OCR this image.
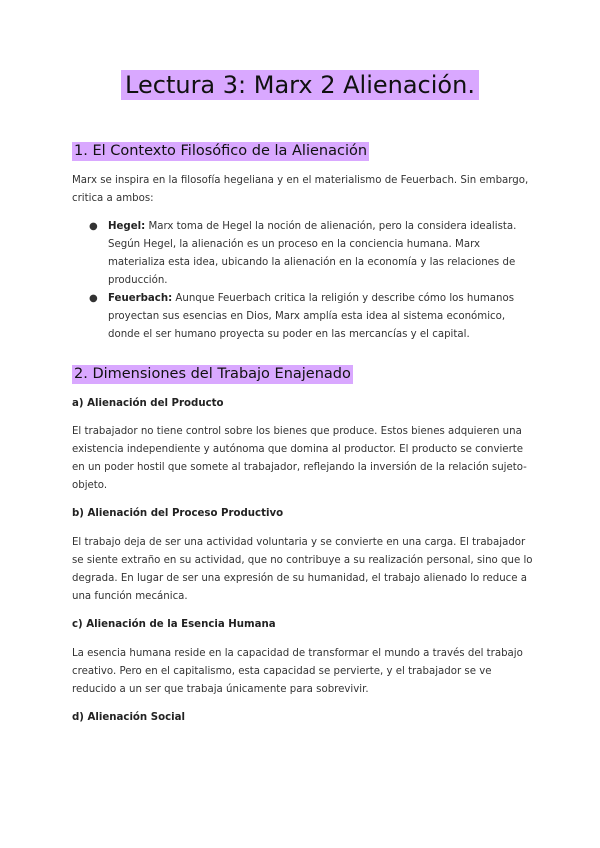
Lectura 3: Marx 2 Alienación.
1. El Contexto Filosófico de la Alienación

Marx se inspira en la filosofía hegeliana y en el materialismo de Feuerbach. Sin embargo, critica a ambos:

● Hegel: Marx toma de Hegel la noción de alienación, pero la considera idealista. Según Hegel, la alienación es un proceso en la conciencia humana. Marx materializa esta idea, ubicando la alienación en la economía y las relaciones de producción.
● Feuerbach: Aunque Feuerbach critica la religión y describe cómo los humanos proyectan sus esencias en Dios, Marx amplía esta idea al sistema económico, donde el ser humano proyecta su poder en las mercancías y el capital.
2. Dimensiones del Trabajo Enajenado
a) Alienación del Producto

El trabajador no tiene control sobre los bienes que produce. Estos bienes adquieren una existencia independiente y autónoma que domina al productor. El producto se convierte en un poder hostil que somete al trabajador, reflejando la inversión de la relación sujeto-objeto.

b) Alienación del Proceso Productivo

El trabajo deja de ser una actividad voluntaria y se convierte en una carga. El trabajador se siente extraño en su actividad, que no contribuye a su realización personal, sino que lo degrada. En lugar de ser una expresión de su humanidad, el trabajo alienado lo reduce a una función mecánica.

c) Alienación de la Esencia Humana

La esencia humana reside en la capacidad de transformar el mundo a través del trabajo creativo. Pero en el capitalismo, esta capacidad se pervierte, y el trabajador se ve reducido a un ser que trabaja únicamente para sobrevivir.

d) Alienación Social
